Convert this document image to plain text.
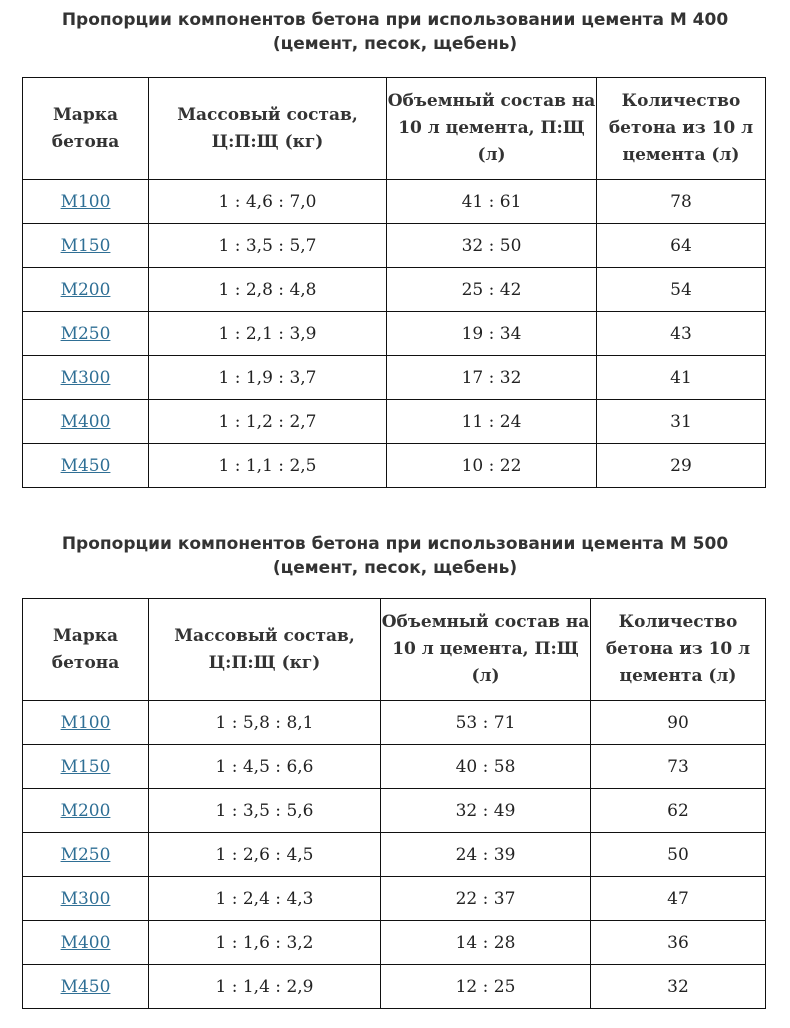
Пропорции компонентов бетона при использовании цемента М 400
(цемент, песок, щебень)
Марка бетона	Массовый состав, Ц:П:Щ (кг)	Объемный состав на 10 л цемента, П:Щ (л)	Количество бетона из 10 л цемента (л)
М100	1 : 4,6 : 7,0	41 : 61	78
М150	1 : 3,5 : 5,7	32 : 50	64
М200	1 : 2,8 : 4,8	25 : 42	54
М250	1 : 2,1 : 3,9	19 : 34	43
М300	1 : 1,9 : 3,7	17 : 32	41
М400	1 : 1,2 : 2,7	11 : 24	31
М450	1 : 1,1 : 2,5	10 : 22	29
Пропорции компонентов бетона при использовании цемента М 500
(цемент, песок, щебень)
Марка бетона	Массовый состав, Ц:П:Щ (кг)	Объемный состав на 10 л цемента, П:Щ (л)	Количество бетона из 10 л цемента (л)
М100	1 : 5,8 : 8,1	53 : 71	90
М150	1 : 4,5 : 6,6	40 : 58	73
М200	1 : 3,5 : 5,6	32 : 49	62
М250	1 : 2,6 : 4,5	24 : 39	50
М300	1 : 2,4 : 4,3	22 : 37	47
М400	1 : 1,6 : 3,2	14 : 28	36
М450	1 : 1,4 : 2,9	12 : 25	32
